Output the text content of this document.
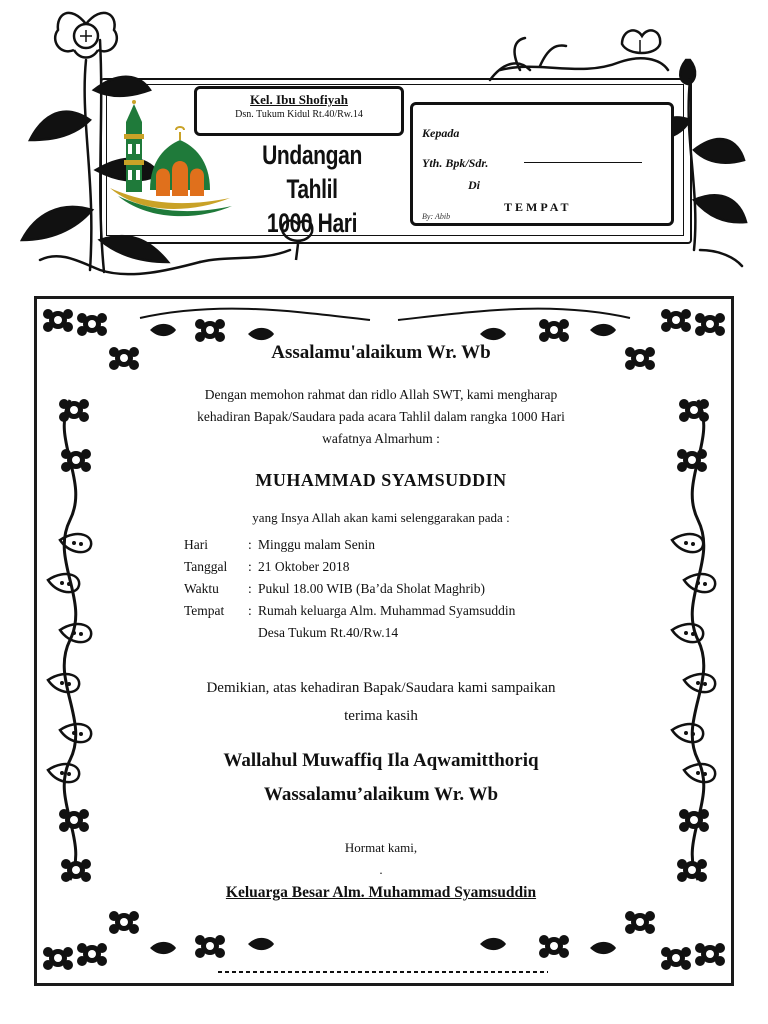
Kel. Ibu Shofiyah
Dsn. Tukum Kidul Rt.40/Rw.14
Undangan Tahlil
1000 Hari
Kepada
Yth. Bpk/Sdr.
Di
TEMPAT
By: Abib
Assalamu'alaikum Wr. Wb
Dengan memohon rahmat dan ridlo Allah SWT, kami mengharap
kehadiran Bapak/Saudara pada acara Tahlil dalam rangka 1000 Hari
wafatnya Almarhum :
MUHAMMAD SYAMSUDDIN
yang Insya Allah akan kami selenggarakan pada :
Demikian, atas kehadiran Bapak/Saudara kami sampaikan
terima kasih
Wallahul Muwaffiq Ila Aqwamitthoriq
Wassalamu’alaikum Wr. Wb
Hormat kami,
.
Keluarga Besar Alm. Muhammad Syamsuddin
Hari	: Minggu malam Senin
Tanggal	: 21 Oktober 2018
Waktu	: Pukul 18.00 WIB (Ba’da Sholat Maghrib)
Tempat	: Rumah keluarga Alm. Muhammad Syamsuddin
Desa Tukum Rt.40/Rw.14
